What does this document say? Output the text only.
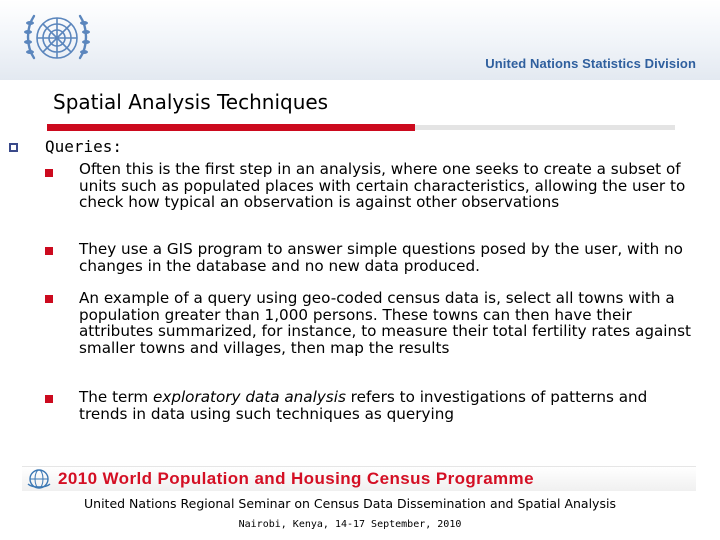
United Nations Statistics Division
Spatial Analysis Techniques
Queries:
Often this is the first step in an analysis, where one seeks to create a subset of units such as populated places with certain characteristics, allowing the user to check how typical an observation is against other observations
They use a GIS program to answer simple questions posed by the user, with no changes in the database and no new data produced.
An example of a query using geo-coded census data is, select all towns with a population greater than 1,000 persons. These towns can then have their attributes summarized, for instance, to measure their total fertility rates against smaller towns and villages, then map the results
The term exploratory data analysis refers to investigations of patterns and trends in data using such techniques as querying
2010 World Population and Housing Census Programme
United Nations Regional Seminar on Census Data Dissemination and Spatial Analysis
Nairobi, Kenya, 14-17 September, 2010
